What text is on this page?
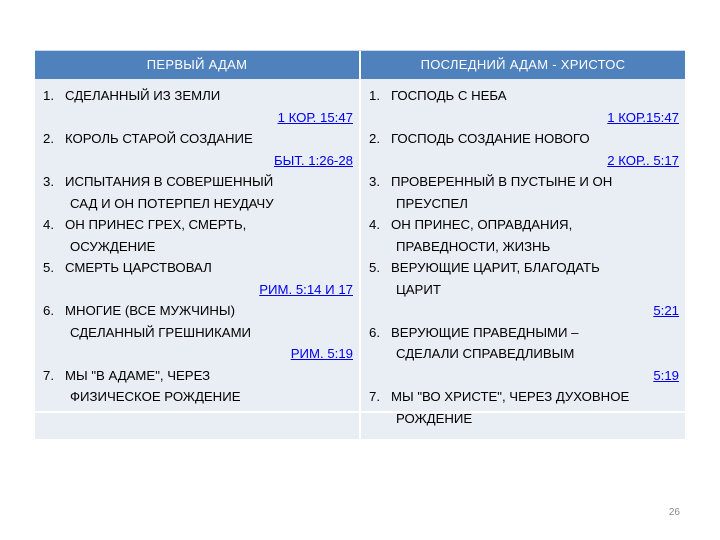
ПЕРВЫЙ АДАМ	ПОСЛЕДНИЙ АДАМ - ХРИСТОС
1. СДЕЛАННЫЙ ИЗ ЗЕМЛИ
1 КОР. 15:47
2. КОРОЛЬ СТАРОЙ СОЗДАНИЕ
БЫТ. 1:26-28
3. ИСПЫТАНИЯ В СОВЕРШЕННЫЙ
САД И ОН ПОТЕРПЕЛ НЕУДАЧУ
4. ОН ПРИНЕС ГРЕХ, СМЕРТЬ,
ОСУЖДЕНИЕ
5. СМЕРТЬ ЦАРСТВОВАЛ
РИМ. 5:14 И 17
6. МНОГИЕ (ВСЕ МУЖЧИНЫ)
СДЕЛАННЫЙ ГРЕШНИКАМИ
РИМ. 5:19
7. МЫ "В АДАМЕ", ЧЕРЕЗ
ФИЗИЧЕСКОЕ РОЖДЕНИЕ
1. ГОСПОДЬ С НЕБА
1 КОР.15:47
2. ГОСПОДЬ СОЗДАНИЕ НОВОГО
2 КОР.. 5:17
3. ПРОВЕРЕННЫЙ В ПУСТЫНЕ И ОН
ПРЕУСПЕЛ
4. ОН ПРИНЕС, ОПРАВДАНИЯ,
ПРАВЕДНОСТИ, ЖИЗНЬ
5. ВЕРУЮЩИЕ ЦАРИТ, БЛАГОДАТЬ
ЦАРИТ
5:21
6. ВЕРУЮЩИЕ ПРАВЕДНЫМИ –
СДЕЛАЛИ СПРАВЕДЛИВЫМ
5:19
7. МЫ "ВО ХРИСТЕ", ЧЕРЕЗ ДУХОВНОЕ
РОЖДЕНИЕ
26
